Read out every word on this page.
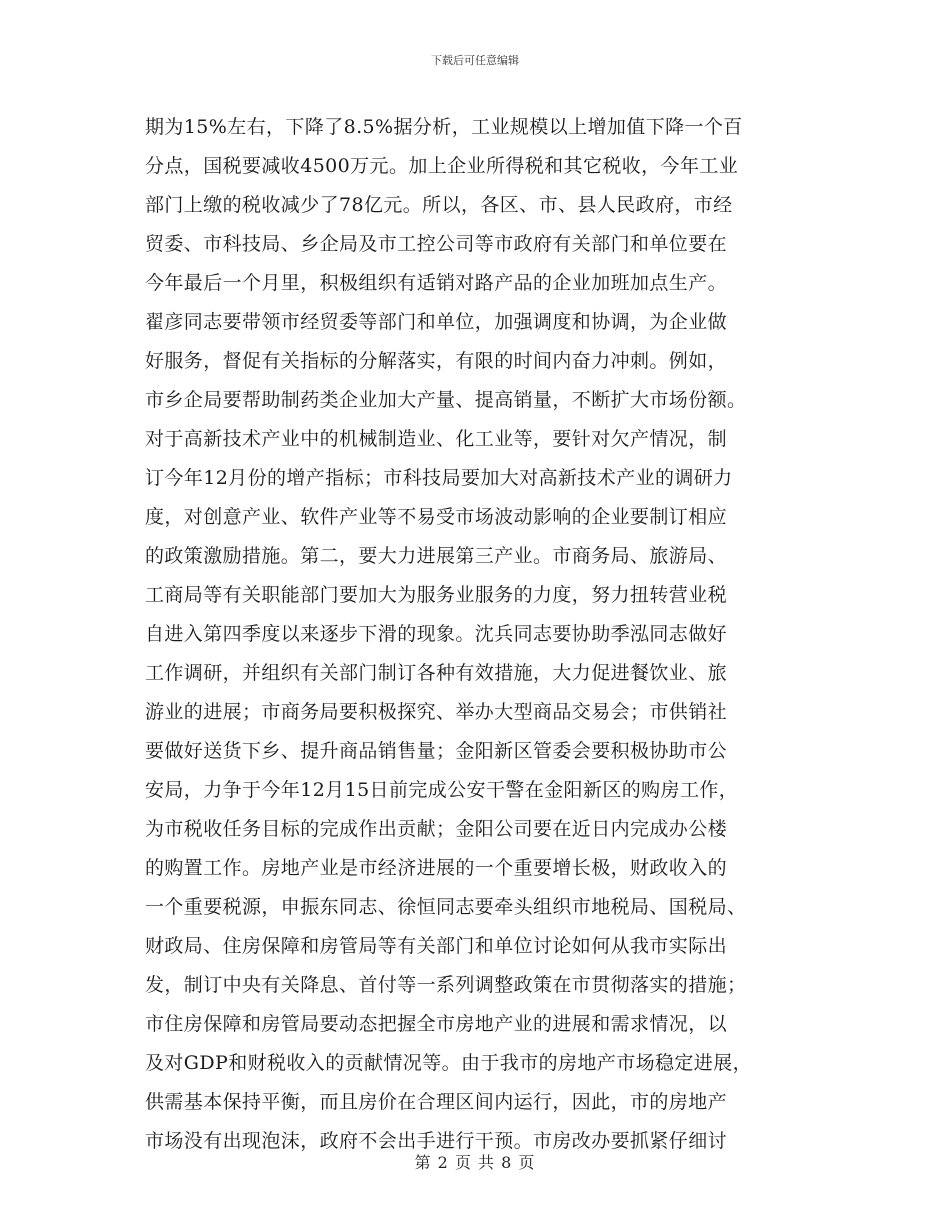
下载后可任意编辑
期为15%左右，下降了8.5%据分析，工业规模以上增加值下降一个百
分点，国税要减收4500万元。加上企业所得税和其它税收，今年工业
部门上缴的税收减少了78亿元。所以，各区、市、县人民政府，市经
贸委、市科技局、乡企局及市工控公司等市政府有关部门和单位要在
今年最后一个月里，积极组织有适销对路产品的企业加班加点生产。
翟彦同志要带领市经贸委等部门和单位，加强调度和协调，为企业做
好服务，督促有关指标的分解落实，有限的时间内奋力冲刺。例如，
市乡企局要帮助制药类企业加大产量、提高销量，不断扩大市场份额。
对于高新技术产业中的机械制造业、化工业等，要针对欠产情况，制
订今年12月份的增产指标；市科技局要加大对高新技术产业的调研力
度，对创意产业、软件产业等不易受市场波动影响的企业要制订相应
的政策激励措施。第二，要大力进展第三产业。市商务局、旅游局、
工商局等有关职能部门要加大为服务业服务的力度，努力扭转营业税
自进入第四季度以来逐步下滑的现象。沈兵同志要协助季泓同志做好
工作调研，并组织有关部门制订各种有效措施，大力促进餐饮业、旅
游业的进展；市商务局要积极探究、举办大型商品交易会；市供销社
要做好送货下乡、提升商品销售量；金阳新区管委会要积极协助市公
安局，力争于今年12月15日前完成公安干警在金阳新区的购房工作，
为市税收任务目标的完成作出贡献；金阳公司要在近日内完成办公楼
的购置工作。房地产业是市经济进展的一个重要增长极，财政收入的
一个重要税源，申振东同志、徐恒同志要牵头组织市地税局、国税局、
财政局、住房保障和房管局等有关部门和单位讨论如何从我市实际出
发，制订中央有关降息、首付等一系列调整政策在市贯彻落实的措施；
市住房保障和房管局要动态把握全市房地产业的进展和需求情况，以
及对GDP和财税收入的贡献情况等。由于我市的房地产市场稳定进展，
供需基本保持平衡，而且房价在合理区间内运行，因此，市的房地产
市场没有出现泡沫，政府不会出手进行干预。市房改办要抓紧仔细讨
第 2 页 共 8 页
